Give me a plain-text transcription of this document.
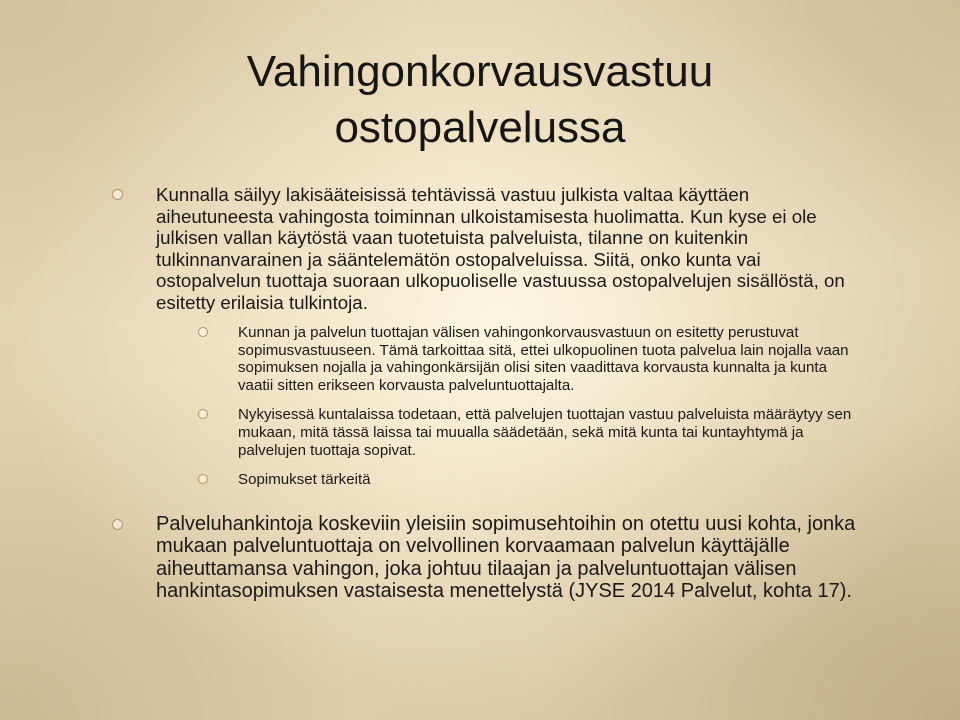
Vahingonkorvausvastuu
ostopalvelussa
Kunnalla säilyy lakisääteisissä tehtävissä vastuu julkista valtaa käyttäen aiheutuneesta vahingosta toiminnan ulkoistamisesta huolimatta. Kun kyse ei ole julkisen vallan käytöstä vaan tuotetuista palveluista, tilanne on kuitenkin tulkinnanvarainen ja sääntelemätön ostopalveluissa. Siitä, onko kunta vai ostopalvelun tuottaja suoraan ulkopuoliselle vastuussa ostopalvelujen sisällöstä, on esitetty erilaisia tulkintoja.
Kunnan ja palvelun tuottajan välisen vahingonkorvausvastuun on esitetty perustuvat sopimusvastuuseen. Tämä tarkoittaa sitä, ettei ulkopuolinen tuota palvelua lain nojalla vaan sopimuksen nojalla ja vahingonkärsijän olisi siten vaadittava korvausta kunnalta ja kunta vaatii sitten erikseen korvausta palveluntuottajalta.
Nykyisessä kuntalaissa todetaan, että palvelujen tuottajan vastuu palveluista määräytyy sen mukaan, mitä tässä laissa tai muualla säädetään, sekä mitä kunta tai kuntayhtymä ja palvelujen tuottaja sopivat.
Sopimukset tärkeitä
Palveluhankintoja koskeviin yleisiin sopimusehtoihin on otettu uusi kohta, jonka mukaan palveluntuottaja on velvollinen korvaamaan palvelun käyttäjälle aiheuttamansa vahingon, joka johtuu tilaajan ja palveluntuottajan välisen hankintasopimuksen vastaisesta menettelystä (JYSE 2014 Palvelut, kohta 17).
